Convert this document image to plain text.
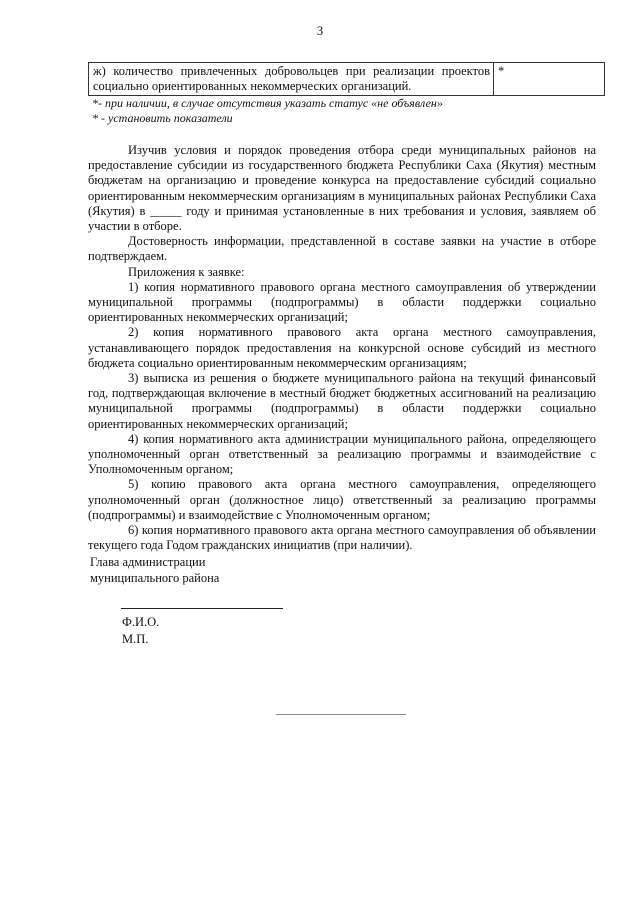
3
ж) количество привлеченных добровольцев при реализации проектов социально ориентированных некоммерческих организаций.	*
*- при наличии, в случае отсутствия указать статус «не объявлен»
* - установить показатели

Изучив условия и порядок проведения отбора среди муниципальных районов на предоставление субсидии из государственного бюджета Республики Саха (Якутия) местным бюджетам на организацию и проведение конкурса на предоставление субсидий социально ориентированным некоммерческим организациям в муниципальных районах Республики Саха (Якутия) в _____ году и принимая установленные в них требования и условия, заявляем об участии в отборе.

Достоверность информации, представленной в составе заявки на участие в отборе подтверждаем.

Приложения к заявке:

1) копия нормативного правового органа местного самоуправления об утверждении муниципальной программы (подпрограммы) в области поддержки социально ориентированных некоммерческих организаций;

2) копия нормативного правового акта органа местного самоуправления, устанавливающего порядок предоставления на конкурсной основе субсидий из местного бюджета социально ориентированным некоммерческим организациям;

3) выписка из решения о бюджете муниципального района на текущий финансовый год, подтверждающая включение в местный бюджет бюджетных ассигнований на реализацию муниципальной программы (подпрограммы) в области поддержки социально ориентированных некоммерческих организаций;

4) копия нормативного акта администрации муниципального района, определяющего уполномоченный орган ответственный за реализацию программы и взаимодействие с Уполномоченным органом;

5) копию правового акта органа местного самоуправления, определяющего уполномоченный орган (должностное лицо) ответственный за реализацию программы (подпрограммы) и взаимодействие с Уполномоченным органом;

6) копия нормативного правового акта органа местного самоуправления об объявлении текущего года Годом гражданских инициатив (при наличии).

Глава администрации
муниципального района
Ф.И.О.
М.П.
